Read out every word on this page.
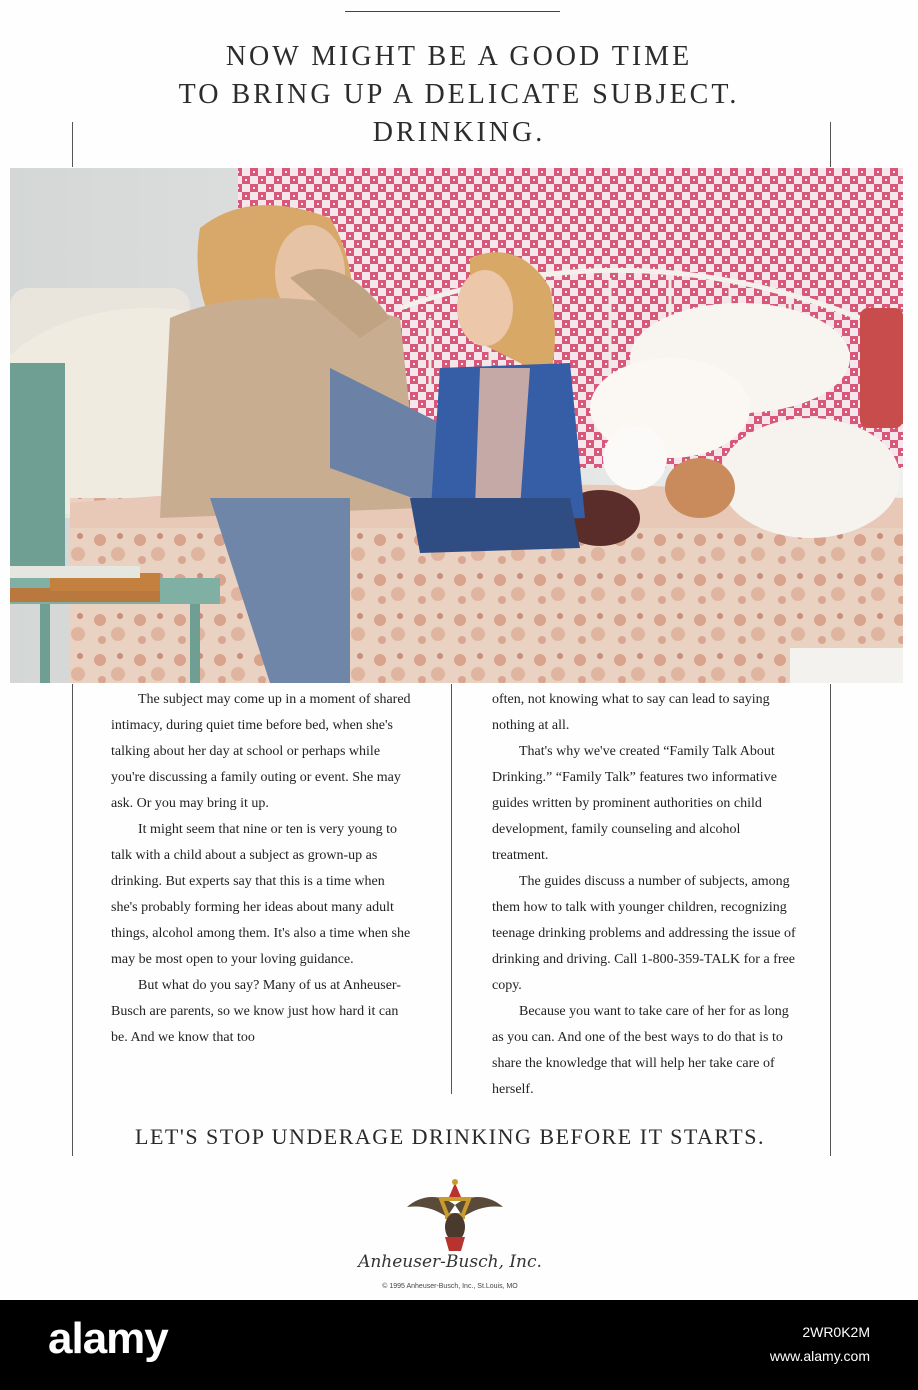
NOW MIGHT BE A GOOD TIME
TO BRING UP A DELICATE SUBJECT.
DRINKING.

The subject may come up in a moment of shared intimacy, during quiet time before bed, when she's talking about her day at school or perhaps while you're discussing a family outing or event. She may ask. Or you may bring it up.

It might seem that nine or ten is very young to talk with a child about a subject as grown-up as drinking. But experts say that this is a time when she's probably forming her ideas about many adult things, alcohol among them. It's also a time when she may be most open to your loving guidance.

But what do you say? Many of us at Anheuser-Busch are parents, so we know just how hard it can be. And we know that too

often, not knowing what to say can lead to saying nothing at all.

That's why we've created “Family Talk About Drinking.” “Family Talk” features two informative guides written by prominent authorities on child development, family counseling and alcohol treatment.

The guides discuss a number of subjects, among them how to talk with younger children, recognizing teenage drinking problems and addressing the issue of drinking and driving. Call 1-800-359-TALK for a free copy.

Because you want to take care of her for as long as you can. And one of the best ways to do that is to share the knowledge that will help her take care of herself.

LET'S STOP UNDERAGE DRINKING BEFORE IT STARTS.
Anheuser-Busch, Inc.
© 1995 Anheuser-Busch, Inc., St.Louis, MO
alamy	2WR0K2M
www.alamy.com
